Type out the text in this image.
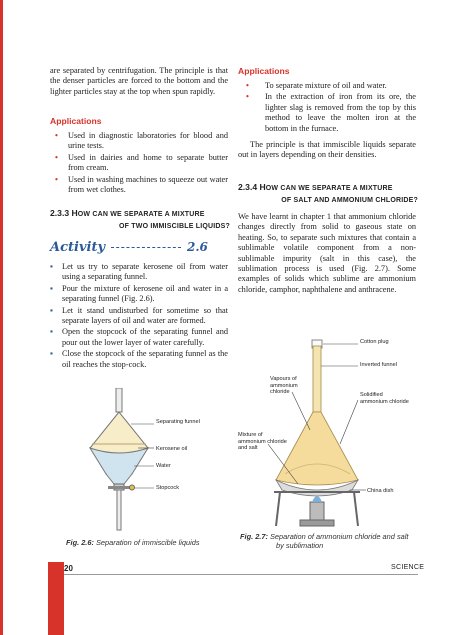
are separated by centrifugation. The principle is that the denser particles are forced to the bottom and the lighter particles stay at the top when spun rapidly.
Applications
• Used in diagnostic laboratories for blood and urine tests.
• Used in dairies and home to separate butter from cream.
• Used in washing machines to squeeze out water from wet clothes.
2.3.3 HOW CAN WE SEPARATE A MIXTURE
OF TWO IMMISCIBLE LIQUIDS?
Activity	2.6
▪ Let us try to separate kerosene oil from water using a separating funnel.
▪ Pour the mixture of kerosene oil and water in a separating funnel (Fig. 2.6).
▪ Let it stand undisturbed for sometime so that separate layers of oil and water are formed.
▪ Open the stopcock of the separating funnel and pour out the lower layer of water carefully.
▪ Close the stopcock of the separating funnel as the oil reaches the stop-cock.
Separating funnel
Kerosene oil
Water
Stopcock
Fig. 2.6: Separation of immiscible liquids
Applications
• To separate mixture of oil and water.
• In the extraction of iron from its ore, the lighter slag is removed from the top by this method to leave the molten iron at the bottom in the furnace.
The principle is that immiscible liquids separate out in layers depending on their densities.
2.3.4 HOW CAN WE SEPARATE A MIXTURE
OF SALT AND AMMONIUM CHLORIDE?
We have learnt in chapter 1 that ammonium chloride changes directly from solid to gaseous state on heating. So, to separate such mixtures that contain a sublimable volatile component from a non-sublimable impurity (salt in this case), the sublimation process is used (Fig. 2.7). Some examples of solids which sublime are ammonium chloride, camphor, naphthalene and anthracene.
Cotton plug
Inverted funnel
Vapours of ammonium chloride	Solidified ammonium chloride
Mixture of ammonium chloride and salt
China dish
Fig. 2.7: Separation of ammonium chloride and salt
by sublimation
20	SCIENCE
